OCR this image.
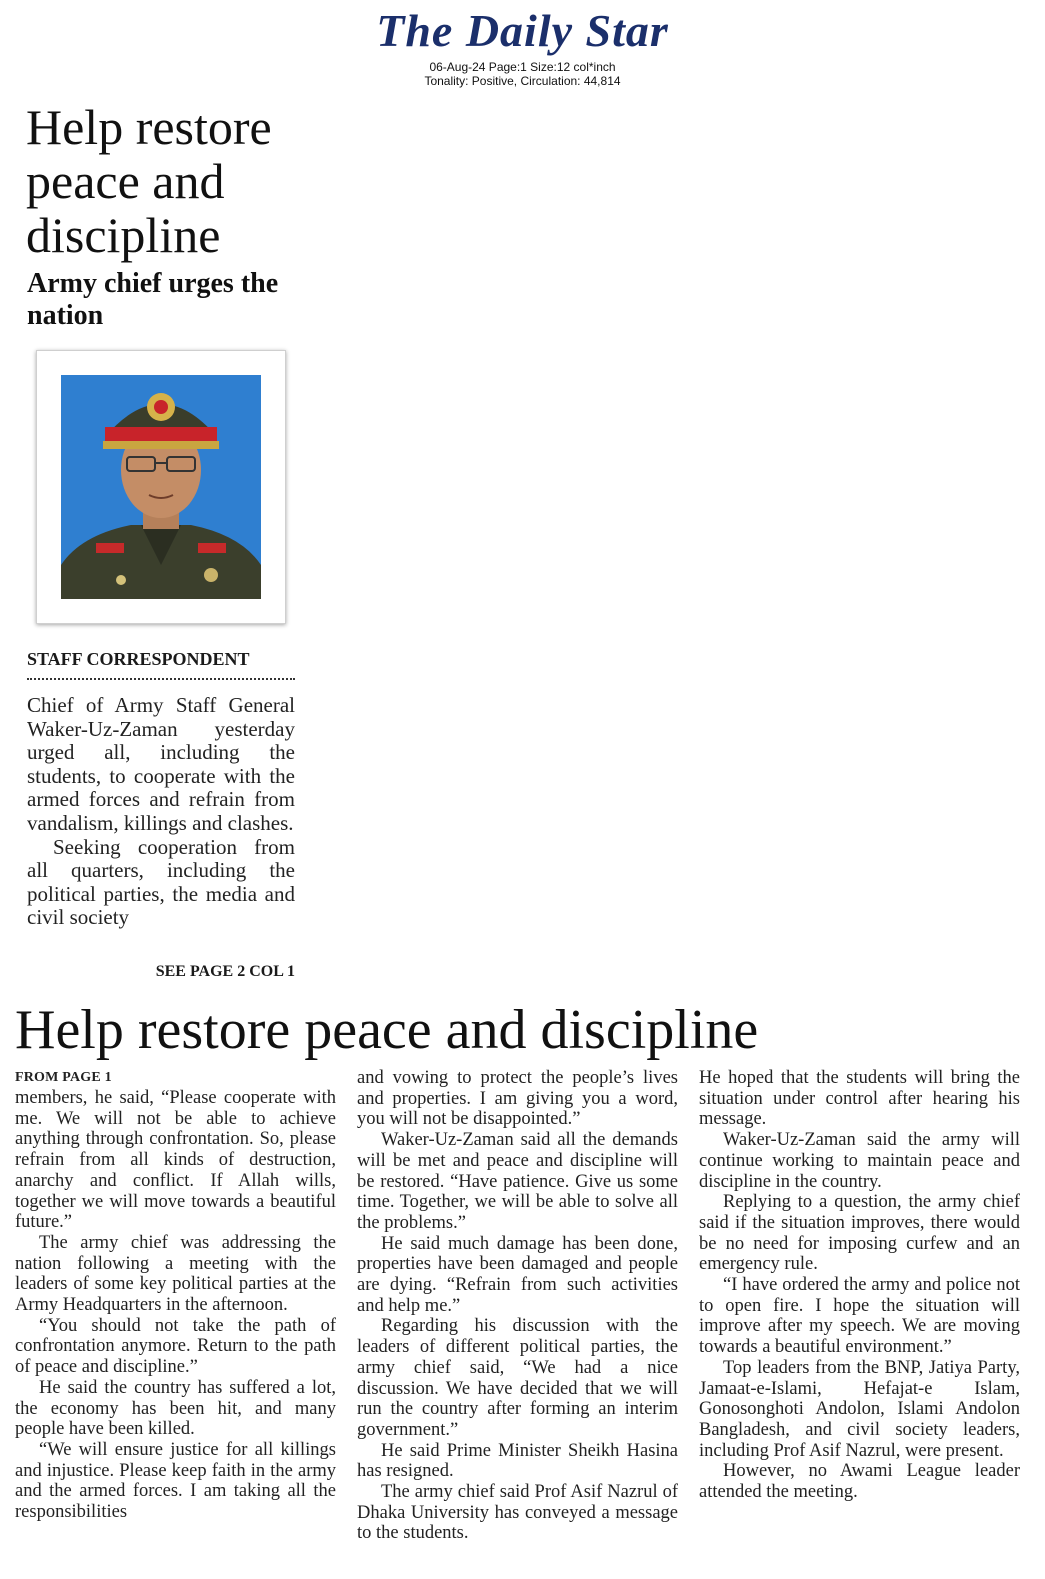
The Daily Star
06-Aug-24 Page:1 Size:12 col*inch
Tonality: Positive, Circulation: 44,814
Help restore peace and discipline
Army chief urges the nation
STAFF CORRESPONDENT

Chief of Army Staff General Waker-Uz-Zaman yesterday urged all, including the students, to cooperate with the armed forces and refrain from vandalism, killings and clashes.

Seeking cooperation from all quarters, including the political parties, the media and civil society

SEE PAGE 2 COL 1
Help restore peace and discipline
FROM PAGE 1

members, he said, “Please cooperate with me. We will not be able to achieve anything through confrontation. So, please refrain from all kinds of destruction, anarchy and conflict. If Allah wills, together we will move towards a beautiful future.”

The army chief was addressing the nation following a meeting with the leaders of some key political parties at the Army Headquarters in the afternoon.

“You should not take the path of confrontation anymore. Return to the path of peace and discipline.”

He said the country has suffered a lot, the economy has been hit, and many people have been killed.

“We will ensure justice for all killings and injustice. Please keep faith in the army and the armed forces. I am taking all the responsibilities

and vowing to protect the people’s lives and properties. I am giving you a word, you will not be disappointed.”

Waker-Uz-Zaman said all the demands will be met and peace and discipline will be restored. “Have patience. Give us some time. Together, we will be able to solve all the problems.”

He said much damage has been done, properties have been damaged and people are dying. “Refrain from such activities and help me.”

Regarding his discussion with the leaders of different political parties, the army chief said, “We had a nice discussion. We have decided that we will run the country after forming an interim government.”

He said Prime Minister Sheikh Hasina has resigned.

The army chief said Prof Asif Nazrul of Dhaka University has conveyed a message to the students.

He hoped that the students will bring the situation under control after hearing his message.

Waker-Uz-Zaman said the army will continue working to maintain peace and discipline in the country.

Replying to a question, the army chief said if the situation improves, there would be no need for imposing curfew and an emergency rule.

“I have ordered the army and police not to open fire. I hope the situation will improve after my speech. We are moving towards a beautiful environment.”

Top leaders from the BNP, Jatiya Party, Jamaat-e-Islami, Hefajat-e Islam, Gonosonghoti Andolon, Islami Andolon Bangladesh, and civil society leaders, including Prof Asif Nazrul, were present.

However, no Awami League leader attended the meeting.
